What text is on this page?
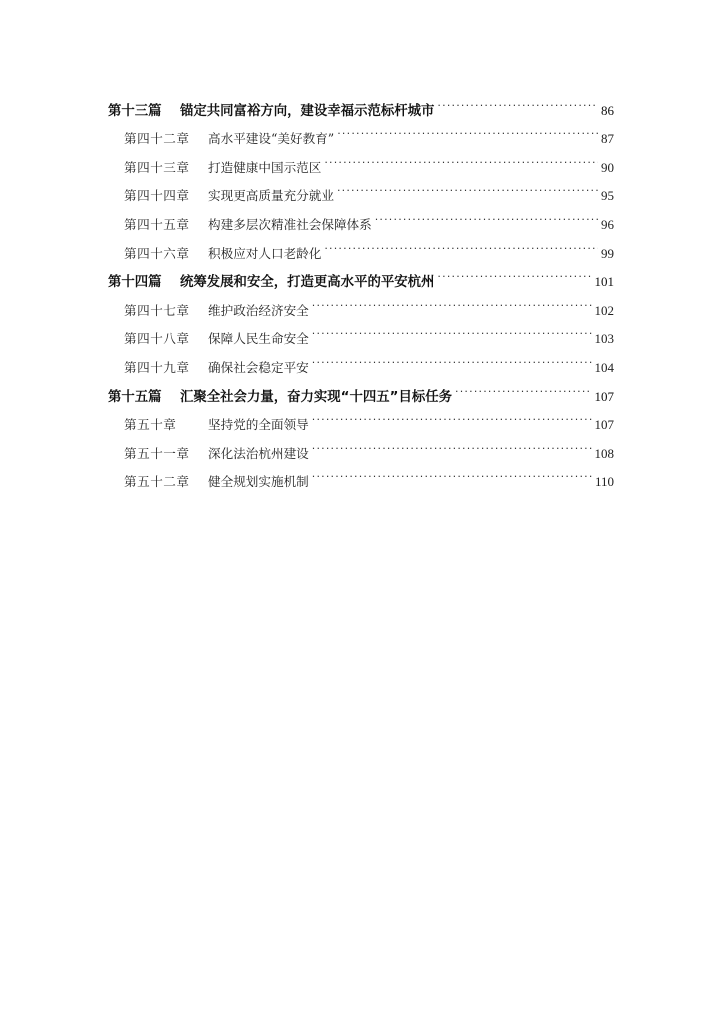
第十三篇	锚定共同富裕方向，建设幸福示范标杆城市 .....	86
第四十二章	高水平建设“美好教育” .....	87
第四十三章	打造健康中国示范区 .....	90
第四十四章	实现更高质量充分就业 .....	95
第四十五章	构建多层次精准社会保障体系 .....	96
第四十六章	积极应对人口老龄化 .....	99
第十四篇	统筹发展和安全，打造更高水平的平安杭州 .....	101
第四十七章	维护政治经济安全 .....	102
第四十八章	保障人民生命安全 .....	103
第四十九章	确保社会稳定平安 .....	104
第十五篇	汇聚全社会力量，奋力实现“十四五”目标任务 .....	107
第五十章	坚持党的全面领导 .....	107
第五十一章	深化法治杭州建设 .....	108
第五十二章	健全规划实施机制 .....	110
